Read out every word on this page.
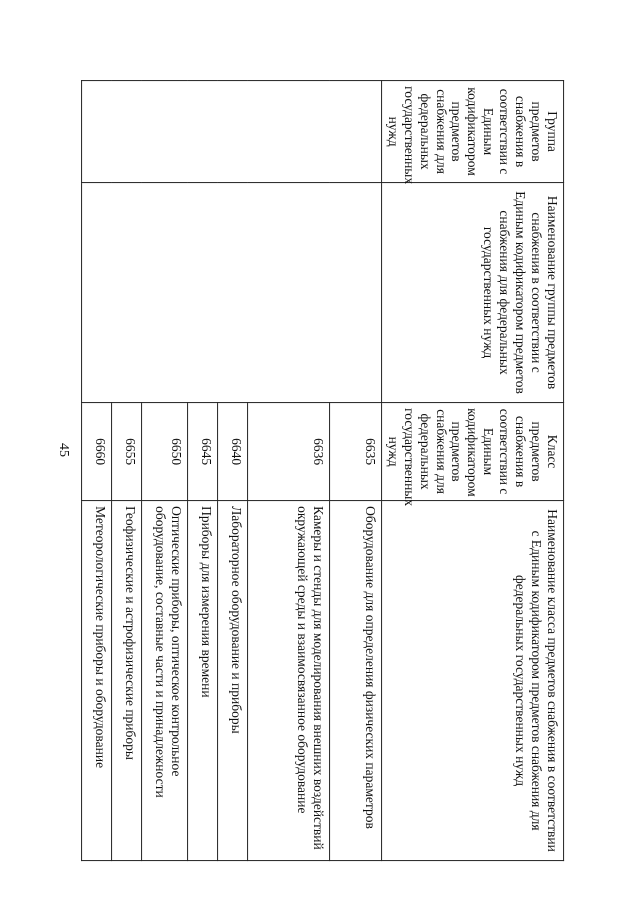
45
Группа предметов снабжения в соответствии с Единым кодификатором предметов снабжения для федеральных государственных нужд	Наименование группы предметов снабжения в соответствии с Единым кодификатором предметов снабжения для федеральных государственных нужд	Класс предметов снабжения в соответствии с Единым кодификатором предметов снабжения для федеральных государственных нужд	Наименование класса предметов снабжения в соответствии с Единым кодификатором предметов снабжения для федеральных государственных нужд
		6635	Оборудование для определения физических параметров
		6636	Камеры и стенды для моделирования внешних воздействий окружающей среды и взаимосвязанное оборудование
		6640	Лабораторное оборудование и приборы
		6645	Приборы для измерения времени
		6650	Оптические приборы, оптическое контрольное оборудование, составные части и принадлежности
		6655	Геофизические и астрофизические приборы
		6660	Метеорологические приборы и оборудование
